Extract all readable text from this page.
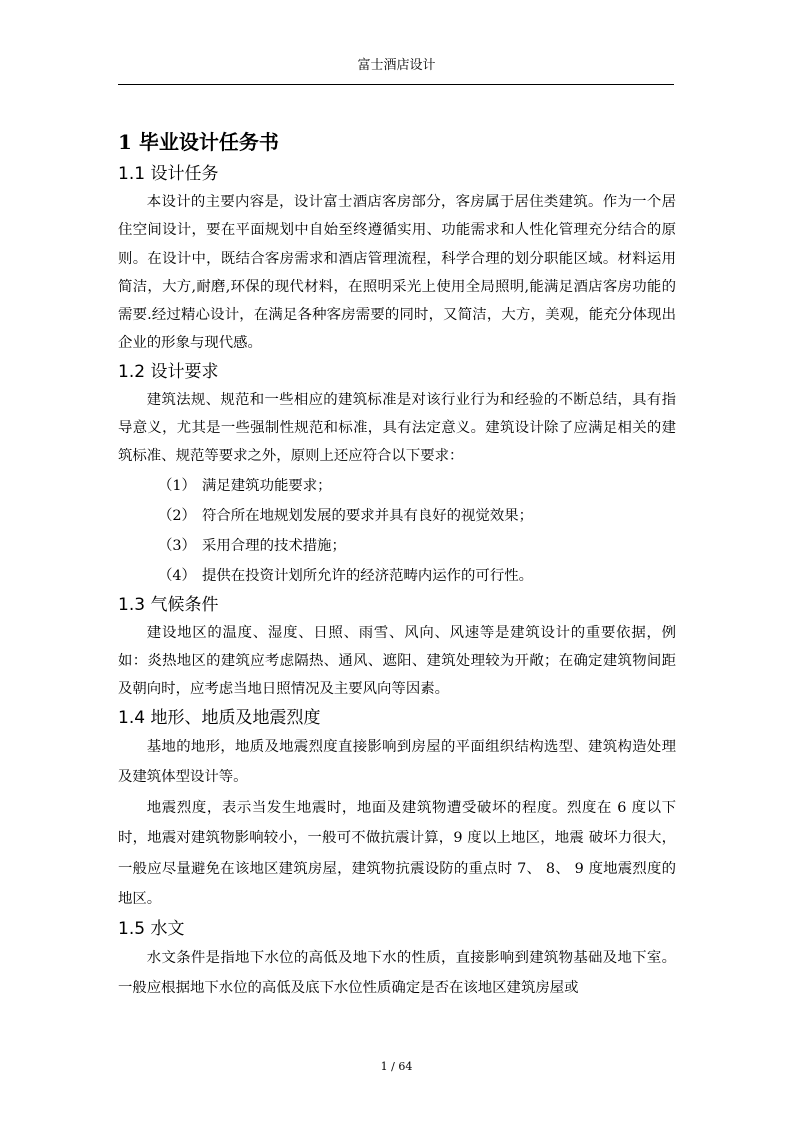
富士酒店设计
1 毕业设计任务书
1.1 设计任务

本设计的主要内容是，设计富士酒店客房部分，客房属于居住类建筑。作为一个居住空间设计，要在平面规划中自始至终遵循实用、功能需求和人性化管理充分结合的原则。在设计中，既结合客房需求和酒店管理流程，科学合理的划分职能区域。材料运用简洁，大方,耐磨,环保的现代材料，在照明采光上使用全局照明,能满足酒店客房功能的需要.经过精心设计，在满足各种客房需要的同时，又简洁，大方，美观，能充分体现出企业的形象与现代感。

1.2 设计要求

建筑法规、规范和一些相应的建筑标准是对该行业行为和经验的不断总结，具有指导意义，尤其是一些强制性规范和标准，具有法定意义。建筑设计除了应满足相关的建筑标准、规范等要求之外，原则上还应符合以下要求：

（1） 满足建筑功能要求；
（2） 符合所在地规划发展的要求并具有良好的视觉效果；
（3） 采用合理的技术措施；
（4） 提供在投资计划所允许的经济范畴内运作的可行性。
1.3 气候条件

建设地区的温度、湿度、日照、雨雪、风向、风速等是建筑设计的重要依据，例如：炎热地区的建筑应考虑隔热、通风、遮阳、建筑处理较为开敞；在确定建筑物间距及朝向时，应考虑当地日照情况及主要风向等因素。

1.4 地形、地质及地震烈度

基地的地形，地质及地震烈度直接影响到房屋的平面组织结构选型、建筑构造处理及建筑体型设计等。

地震烈度，表示当发生地震时，地面及建筑物遭受破坏的程度。烈度在 6 度以下时，地震对建筑物影响较小，一般可不做抗震计算，9 度以上地区，地震 破坏力很大，一般应尽量避免在该地区建筑房屋，建筑物抗震设防的重点时 7、 8、 9 度地震烈度的地区。

1.5 水文

水文条件是指地下水位的高低及地下水的性质，直接影响到建筑物基础及地下室。一般应根据地下水位的高低及底下水位性质确定是否在该地区建筑房屋或

1 / 64
